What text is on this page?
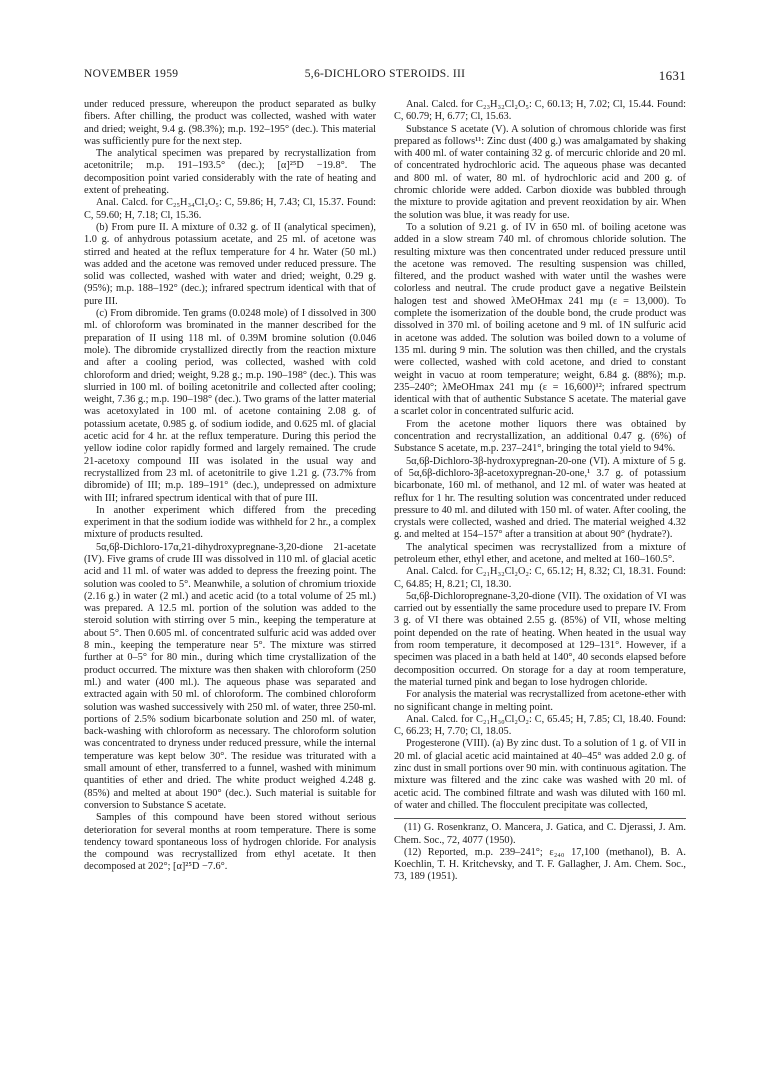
NOVEMBER 1959	5,6-DICHLORO STEROIDS. III	1631

under reduced pressure, whereupon the product separated as bulky fibers. After chilling, the product was collected, washed with water and dried; weight, 9.4 g. (98.3%); m.p. 192–195° (dec.). This material was sufficiently pure for the next step.

The analytical specimen was prepared by recrystallization from acetonitrile; m.p. 191–193.5° (dec.); [α]²⁵D −19.8°. The decomposition point varied considerably with the rate of heating and extent of preheating.

Anal. Calcd. for C₂₅H₃₄Cl₂O₅: C, 59.86; H, 7.43; Cl, 15.37. Found: C, 59.60; H, 7.18; Cl, 15.36.

(b) From pure II. A mixture of 0.32 g. of II (analytical specimen), 1.0 g. of anhydrous potassium acetate, and 25 ml. of acetone was stirred and heated at the reflux temperature for 4 hr. Water (50 ml.) was added and the acetone was removed under reduced pressure. The solid was collected, washed with water and dried; weight, 0.29 g. (95%); m.p. 188–192° (dec.); infrared spectrum identical with that of pure III.

(c) From dibromide. Ten grams (0.0248 mole) of I dissolved in 300 ml. of chloroform was brominated in the manner described for the preparation of II using 118 ml. of 0.39M bromine solution (0.046 mole). The dibromide crystallized directly from the reaction mixture and after a cooling period, was collected, washed with cold chloroform and dried; weight, 9.28 g.; m.p. 190–198° (dec.). This was slurried in 100 ml. of boiling acetonitrile and collected after cooling; weight, 7.36 g.; m.p. 190–198° (dec.). Two grams of the latter material was acetoxylated in 100 ml. of acetone containing 2.08 g. of potassium acetate, 0.985 g. of sodium iodide, and 0.625 ml. of glacial acetic acid for 4 hr. at the reflux temperature. During this period the yellow iodine color rapidly formed and largely remained. The crude 21-acetoxy compound III was isolated in the usual way and recrystallized from 23 ml. of acetonitrile to give 1.21 g. (73.7% from dibromide) of III; m.p. 189–191° (dec.), undepressed on admixture with III; infrared spectrum identical with that of pure III.

In another experiment which differed from the preceding experiment in that the sodium iodide was withheld for 2 hr., a complex mixture of products resulted.

5α,6β-Dichloro-17α,21-dihydroxypregnane-3,20-dione 21-acetate (IV). Five grams of crude III was dissolved in 110 ml. of glacial acetic acid and 11 ml. of water was added to depress the freezing point. The solution was cooled to 5°. Meanwhile, a solution of chromium trioxide (2.16 g.) in water (2 ml.) and acetic acid (to a total volume of 25 ml.) was prepared. A 12.5 ml. portion of the solution was added to the steroid solution with stirring over 5 min., keeping the temperature at about 5°. Then 0.605 ml. of concentrated sulfuric acid was added over 8 min., keeping the temperature near 5°. The mixture was stirred further at 0–5° for 80 min., during which time crystallization of the product occurred. The mixture was then shaken with chloroform (250 ml.) and water (400 ml.). The aqueous phase was separated and extracted again with 50 ml. of chloroform. The combined chloroform solution was washed successively with 250 ml. of water, three 250-ml. portions of 2.5% sodium bicarbonate solution and 250 ml. of water, back-washing with chloroform as necessary. The chloroform solution was concentrated to dryness under reduced pressure, while the internal temperature was kept below 30°. The residue was triturated with a small amount of ether, transferred to a funnel, washed with minimum quantities of ether and dried. The white product weighed 4.248 g. (85%) and melted at about 190° (dec.). Such material is suitable for conversion to Substance S acetate.

Samples of this compound have been stored without serious deterioration for several months at room temperature. There is some tendency toward spontaneous loss of hydrogen chloride. For analysis the compound was recrystallized from ethyl acetate. It then decomposed at 202°; [α]²⁵D −7.6°.

Anal. Calcd. for C₂₃H₃₂Cl₂O₅: C, 60.13; H, 7.02; Cl, 15.44. Found: C, 60.79; H, 6.77; Cl, 15.63.

Substance S acetate (V). A solution of chromous chloride was first prepared as follows¹¹: Zinc dust (400 g.) was amalgamated by shaking with 400 ml. of water containing 32 g. of mercuric chloride and 20 ml. of concentrated hydrochloric acid. The aqueous phase was decanted and 800 ml. of water, 80 ml. of hydrochloric acid and 200 g. of chromic chloride were added. Carbon dioxide was bubbled through the mixture to provide agitation and prevent reoxidation by air. When the solution was blue, it was ready for use.

To a solution of 9.21 g. of IV in 650 ml. of boiling acetone was added in a slow stream 740 ml. of chromous chloride solution. The resulting mixture was then concentrated under reduced pressure until the acetone was removed. The resulting suspension was chilled, filtered, and the product washed with water until the washes were colorless and neutral. The crude product gave a negative Beilstein halogen test and showed λMeOHmax 241 mμ (ε = 13,000). To complete the isomerization of the double bond, the crude product was dissolved in 370 ml. of boiling acetone and 9 ml. of 1N sulfuric acid in acetone was added. The solution was boiled down to a volume of 135 ml. during 9 min. The solution was then chilled, and the crystals were collected, washed with cold acetone, and dried to constant weight in vacuo at room temperature; weight, 6.84 g. (88%); m.p. 235–240°; λMeOHmax 241 mμ (ε = 16,600)¹²; infrared spectrum identical with that of authentic Substance S acetate. The material gave a scarlet color in concentrated sulfuric acid.

From the acetone mother liquors there was obtained by concentration and recrystallization, an additional 0.47 g. (6%) of Substance S acetate, m.p. 237–241°, bringing the total yield to 94%.

5α,6β-Dichloro-3β-hydroxypregnan-20-one (VI). A mixture of 5 g. of 5α,6β-dichloro-3β-acetoxypregnan-20-one,¹ 3.7 g. of potassium bicarbonate, 160 ml. of methanol, and 12 ml. of water was heated at reflux for 1 hr. The resulting solution was concentrated under reduced pressure to 40 ml. and diluted with 150 ml. of water. After cooling, the crystals were collected, washed and dried. The material weighed 4.32 g. and melted at 154–157° after a transition at about 90° (hydrate?).

The analytical specimen was recrystallized from a mixture of petroleum ether, ethyl ether, and acetone, and melted at 160–160.5°.

Anal. Calcd. for C₂₁H₃₂Cl₂O₂: C, 65.12; H, 8.32; Cl, 18.31. Found: C, 64.85; H, 8.21; Cl, 18.30.

5α,6β-Dichloropregnane-3,20-dione (VII). The oxidation of VI was carried out by essentially the same procedure used to prepare IV. From 3 g. of VI there was obtained 2.55 g. (85%) of VII, whose melting point depended on the rate of heating. When heated in the usual way from room temperature, it decomposed at 129–131°. However, if a specimen was placed in a bath held at 140°, 40 seconds elapsed before decomposition occurred. On storage for a day at room temperature, the material turned pink and began to lose hydrogen chloride.

For analysis the material was recrystallized from acetone-ether with no significant change in melting point.

Anal. Calcd. for C₂₁H₃₀Cl₂O₂: C, 65.45; H, 7.85; Cl, 18.40. Found: C, 66.23; H, 7.70; Cl, 18.05.

Progesterone (VIII). (a) By zinc dust. To a solution of 1 g. of VII in 20 ml. of glacial acetic acid maintained at 40–45° was added 2.0 g. of zinc dust in small portions over 90 min. with continuous agitation. The mixture was filtered and the zinc cake was washed with 20 ml. of acetic acid. The combined filtrate and wash was diluted with 160 ml. of water and chilled. The flocculent precipitate was collected,

(11) G. Rosenkranz, O. Mancera, J. Gatica, and C. Djerassi, J. Am. Chem. Soc., 72, 4077 (1950).

(12) Reported, m.p. 239–241°; ε₂₄₀ 17,100 (methanol), B. A. Koechlin, T. H. Kritchevsky, and T. F. Gallagher, J. Am. Chem. Soc., 73, 189 (1951).
